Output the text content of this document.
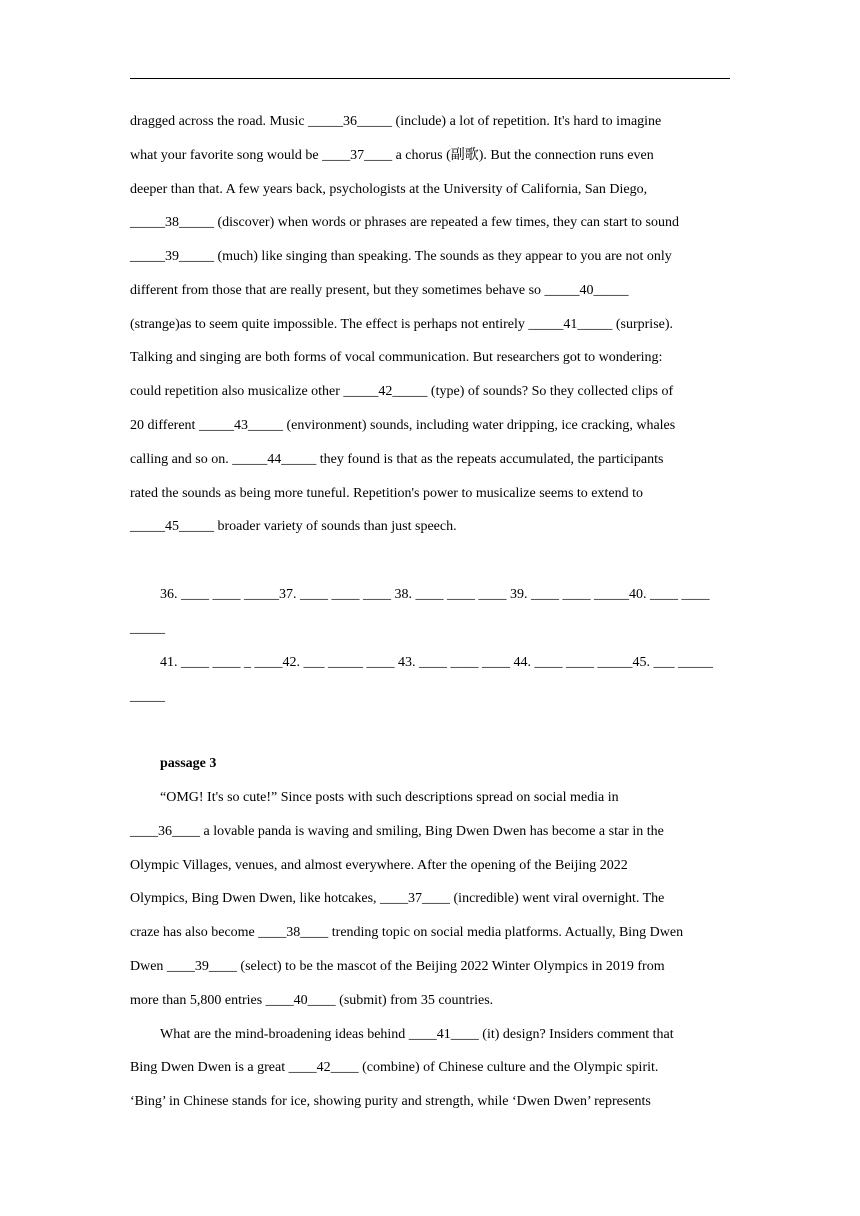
dragged across the road. Music _____36_____ (include) a lot of repetition. It's hard to imagine
what your favorite song would be ____37____ a chorus (副歌). But the connection runs even
deeper than that. A few years back, psychologists at the University of California, San Diego,
_____38_____ (discover) when words or phrases are repeated a few times, they can start to sound
_____39_____ (much) like singing than speaking. The sounds as they appear to you are not only
different from those that are really present, but they sometimes behave so _____40_____
(strange)as to seem quite impossible. The effect is perhaps not entirely _____41_____ (surprise).
Talking and singing are both forms of vocal communication. But researchers got to wondering:
could repetition also musicalize other _____42_____ (type) of sounds? So they collected clips of
20 different _____43_____ (environment) sounds, including water dripping, ice cracking, whales
calling and so on. _____44_____ they found is that as the repeats accumulated, the participants
rated the sounds as being more tuneful. Repetition's power to musicalize seems to extend to
_____45_____ broader variety of sounds than just speech.
36. ____ ____ _____37. ____ ____ ____ 38. ____ ____ ____ 39. ____ ____ _____40. ____ ____
_____
41. ____ ____ _ ____42. ___ _____ ____ 43. ____ ____ ____ 44. ____ ____ _____45. ___ _____
_____
passage 3
“OMG! It's so cute!” Since posts with such descriptions spread on social media in
____36____ a lovable panda is waving and smiling, Bing Dwen Dwen has become a star in the
Olympic Villages, venues, and almost everywhere. After the opening of the Beijing 2022
Olympics, Bing Dwen Dwen, like hotcakes, ____37____ (incredible) went viral overnight. The
craze has also become ____38____ trending topic on social media platforms. Actually, Bing Dwen
Dwen ____39____ (select) to be the mascot of the Beijing 2022 Winter Olympics in 2019 from
more than 5,800 entries ____40____ (submit) from 35 countries.
What are the mind-broadening ideas behind ____41____ (it) design? Insiders comment that
Bing Dwen Dwen is a great ____42____ (combine) of Chinese culture and the Olympic spirit.
‘Bing’ in Chinese stands for ice, showing purity and strength, while ‘Dwen Dwen’ represents
